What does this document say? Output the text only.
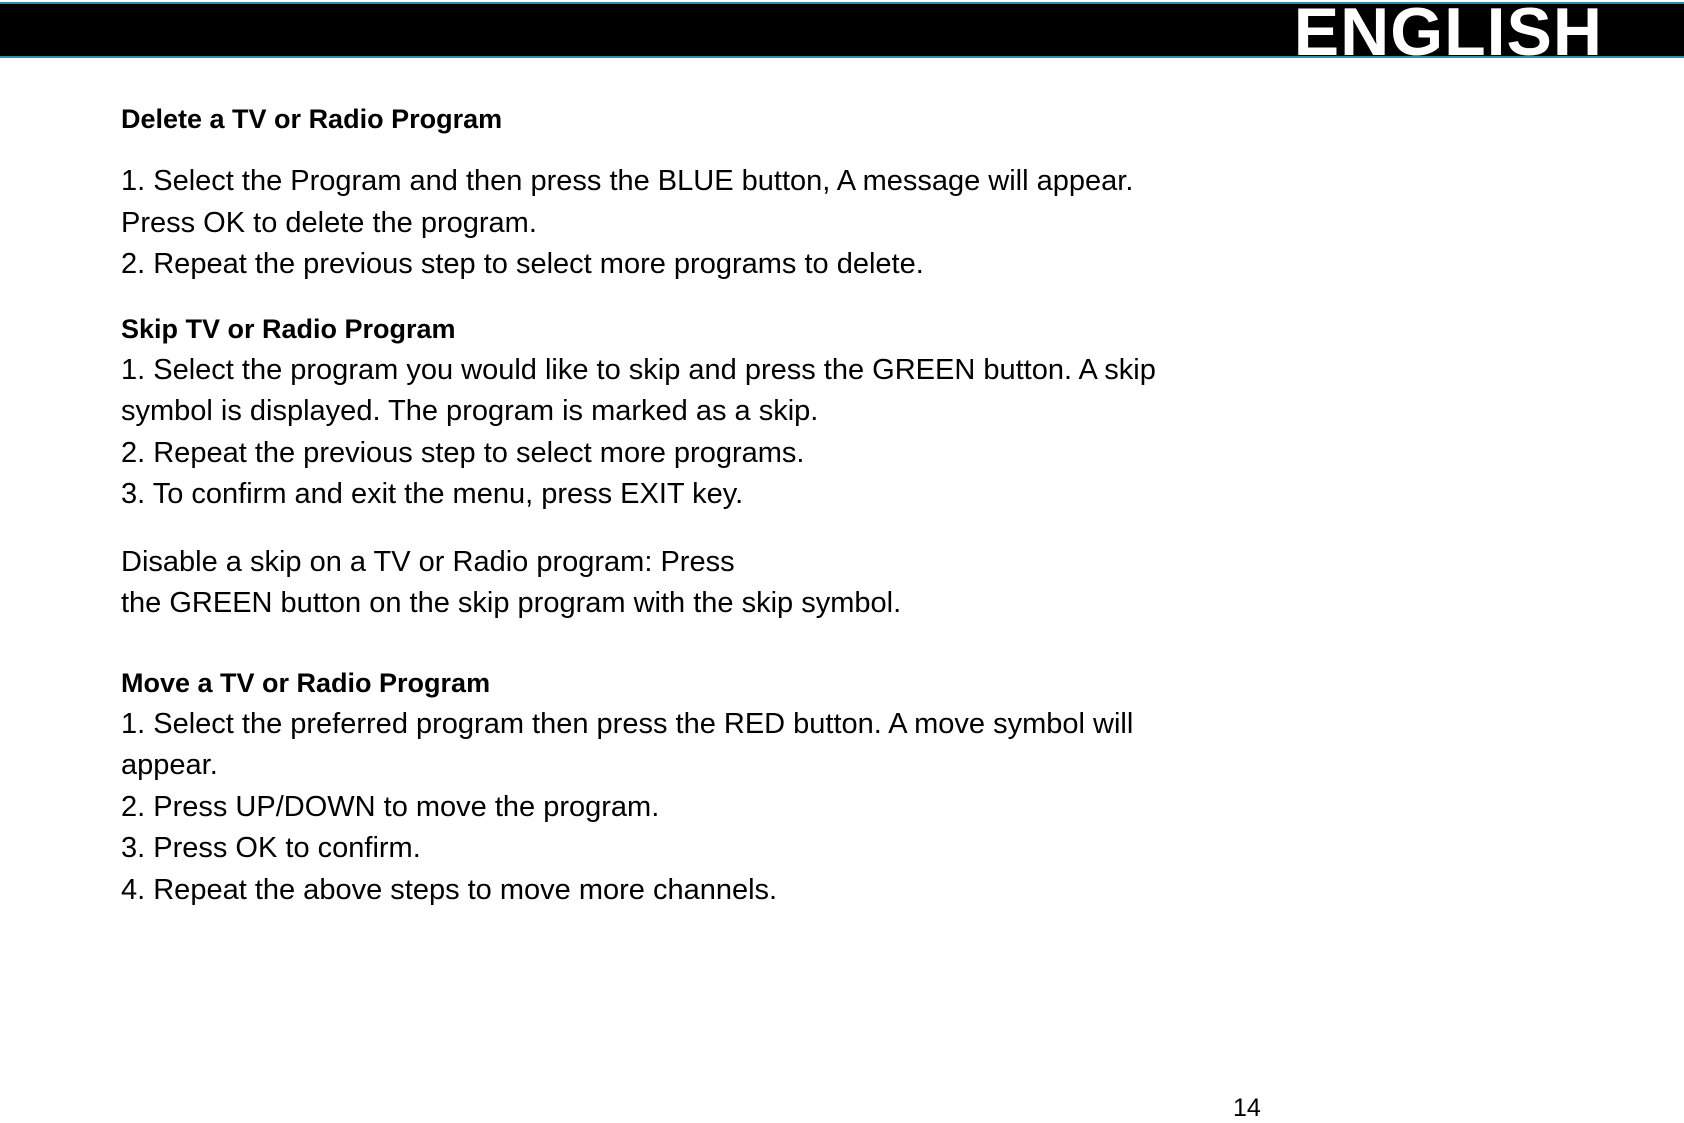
ENGLISH
Delete a TV or Radio Program

1. Select the Program and then press the BLUE button, A message will appear.
Press OK to delete the program.
2. Repeat the previous step to select more programs to delete.

Skip TV or Radio Program

1. Select the program you would like to skip and press the GREEN button. A skip
symbol is displayed. The program is marked as a skip.
2. Repeat the previous step to select more programs.
3. To confirm and exit the menu, press EXIT key.

Disable a skip on a TV or Radio program: Press
the GREEN button on the skip program with the skip symbol.

Move a TV or Radio Program

1. Select the preferred program then press the RED button. A move symbol will
appear.
2. Press UP/DOWN to move the program.
3. Press OK to confirm.
4. Repeat the above steps to move more channels.

14
